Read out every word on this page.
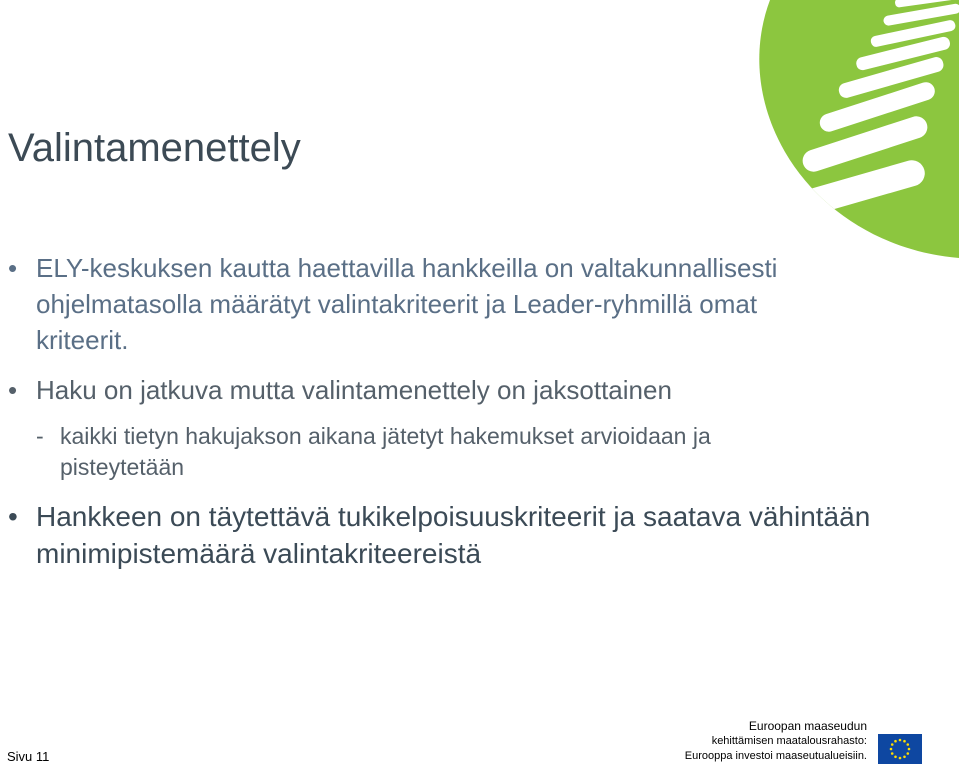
Valintamenettely
• ELY-keskuksen kautta haettavilla hankkeilla on valtakunnallisesti ohjelmatasolla määrätyt valintakriteerit ja Leader-ryhmillä omat kriteerit.
• Haku on jatkuva mutta valintamenettely on jaksottainen
- kaikki tietyn hakujakson aikana jätetyt hakemukset arvioidaan ja pisteytetään
• Hankkeen on täytettävä tukikelpoisuuskriteerit ja saatava vähintään minimipistemäärä valintakriteereistä
Sivu 11
Euroopan maaseudun
kehittämisen maatalousrahasto:
Eurooppa investoi maaseutualueisiin.
